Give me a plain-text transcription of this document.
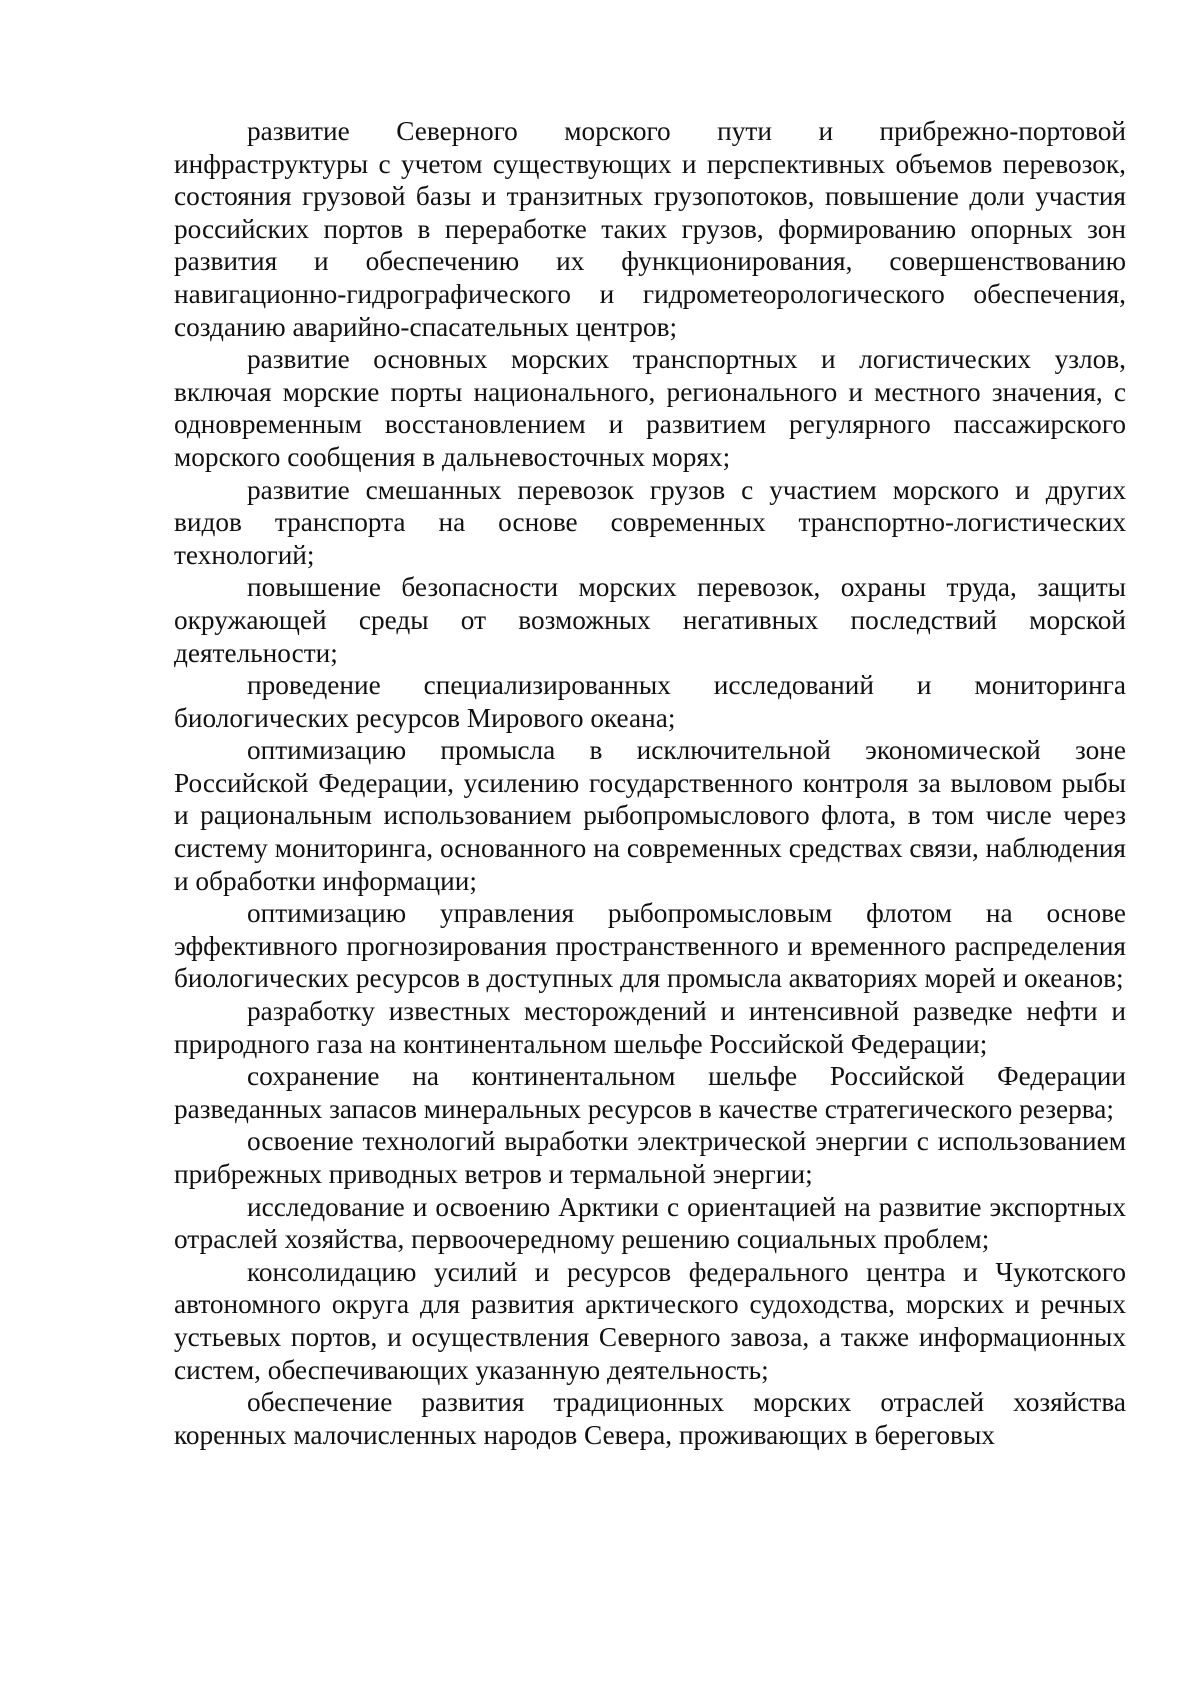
развитие Северного морского пути и прибрежно-портовой инфраструктуры с учетом существующих и перспективных объемов перевозок, состояния грузовой базы и транзитных грузопотоков, повышение доли участия российских портов в переработке таких грузов, формированию опорных зон развития и обеспечению их функционирования, совершенствованию навигационно-гидрографического и гидрометеорологического обеспечения, созданию аварийно-спасательных центров;

развитие основных морских транспортных и логистических узлов, включая морские порты национального, регионального и местного значения, с одновременным восстановлением и развитием регулярного пассажирского морского сообщения в дальневосточных морях;

развитие смешанных перевозок грузов с участием морского и других видов транспорта на основе современных транспортно-логистических технологий;

повышение безопасности морских перевозок, охраны труда, защиты окружающей среды от возможных негативных последствий морской деятельности;

проведение специализированных исследований и мониторинга биологических ресурсов Мирового океана;

оптимизацию промысла в исключительной экономической зоне Российской Федерации, усилению государственного контроля за выловом рыбы и рациональным использованием рыбопромыслового флота, в том числе через систему мониторинга, основанного на современных средствах связи, наблюдения и обработки информации;

оптимизацию управления рыбопромысловым флотом на основе эффективного прогнозирования пространственного и временного распределения биологических ресурсов в доступных для промысла акваториях морей и океанов;

разработку известных месторождений и интенсивной разведке нефти и природного газа на континентальном шельфе Российской Федерации;

сохранение на континентальном шельфе Российской Федерации разведанных запасов минеральных ресурсов в качестве стратегического резерва;

освоение технологий выработки электрической энергии с использованием прибрежных приводных ветров и термальной энергии;

исследование и освоению Арктики с ориентацией на развитие экспортных отраслей хозяйства, первоочередному решению социальных проблем;

консолидацию усилий и ресурсов федерального центра и Чукотского автономного округа для развития арктического судоходства, морских и речных устьевых портов, и осуществления Северного завоза, а также информационных систем, обеспечивающих указанную деятельность;

обеспечение развития традиционных морских отраслей хозяйства коренных малочисленных народов Севера, проживающих в береговых
